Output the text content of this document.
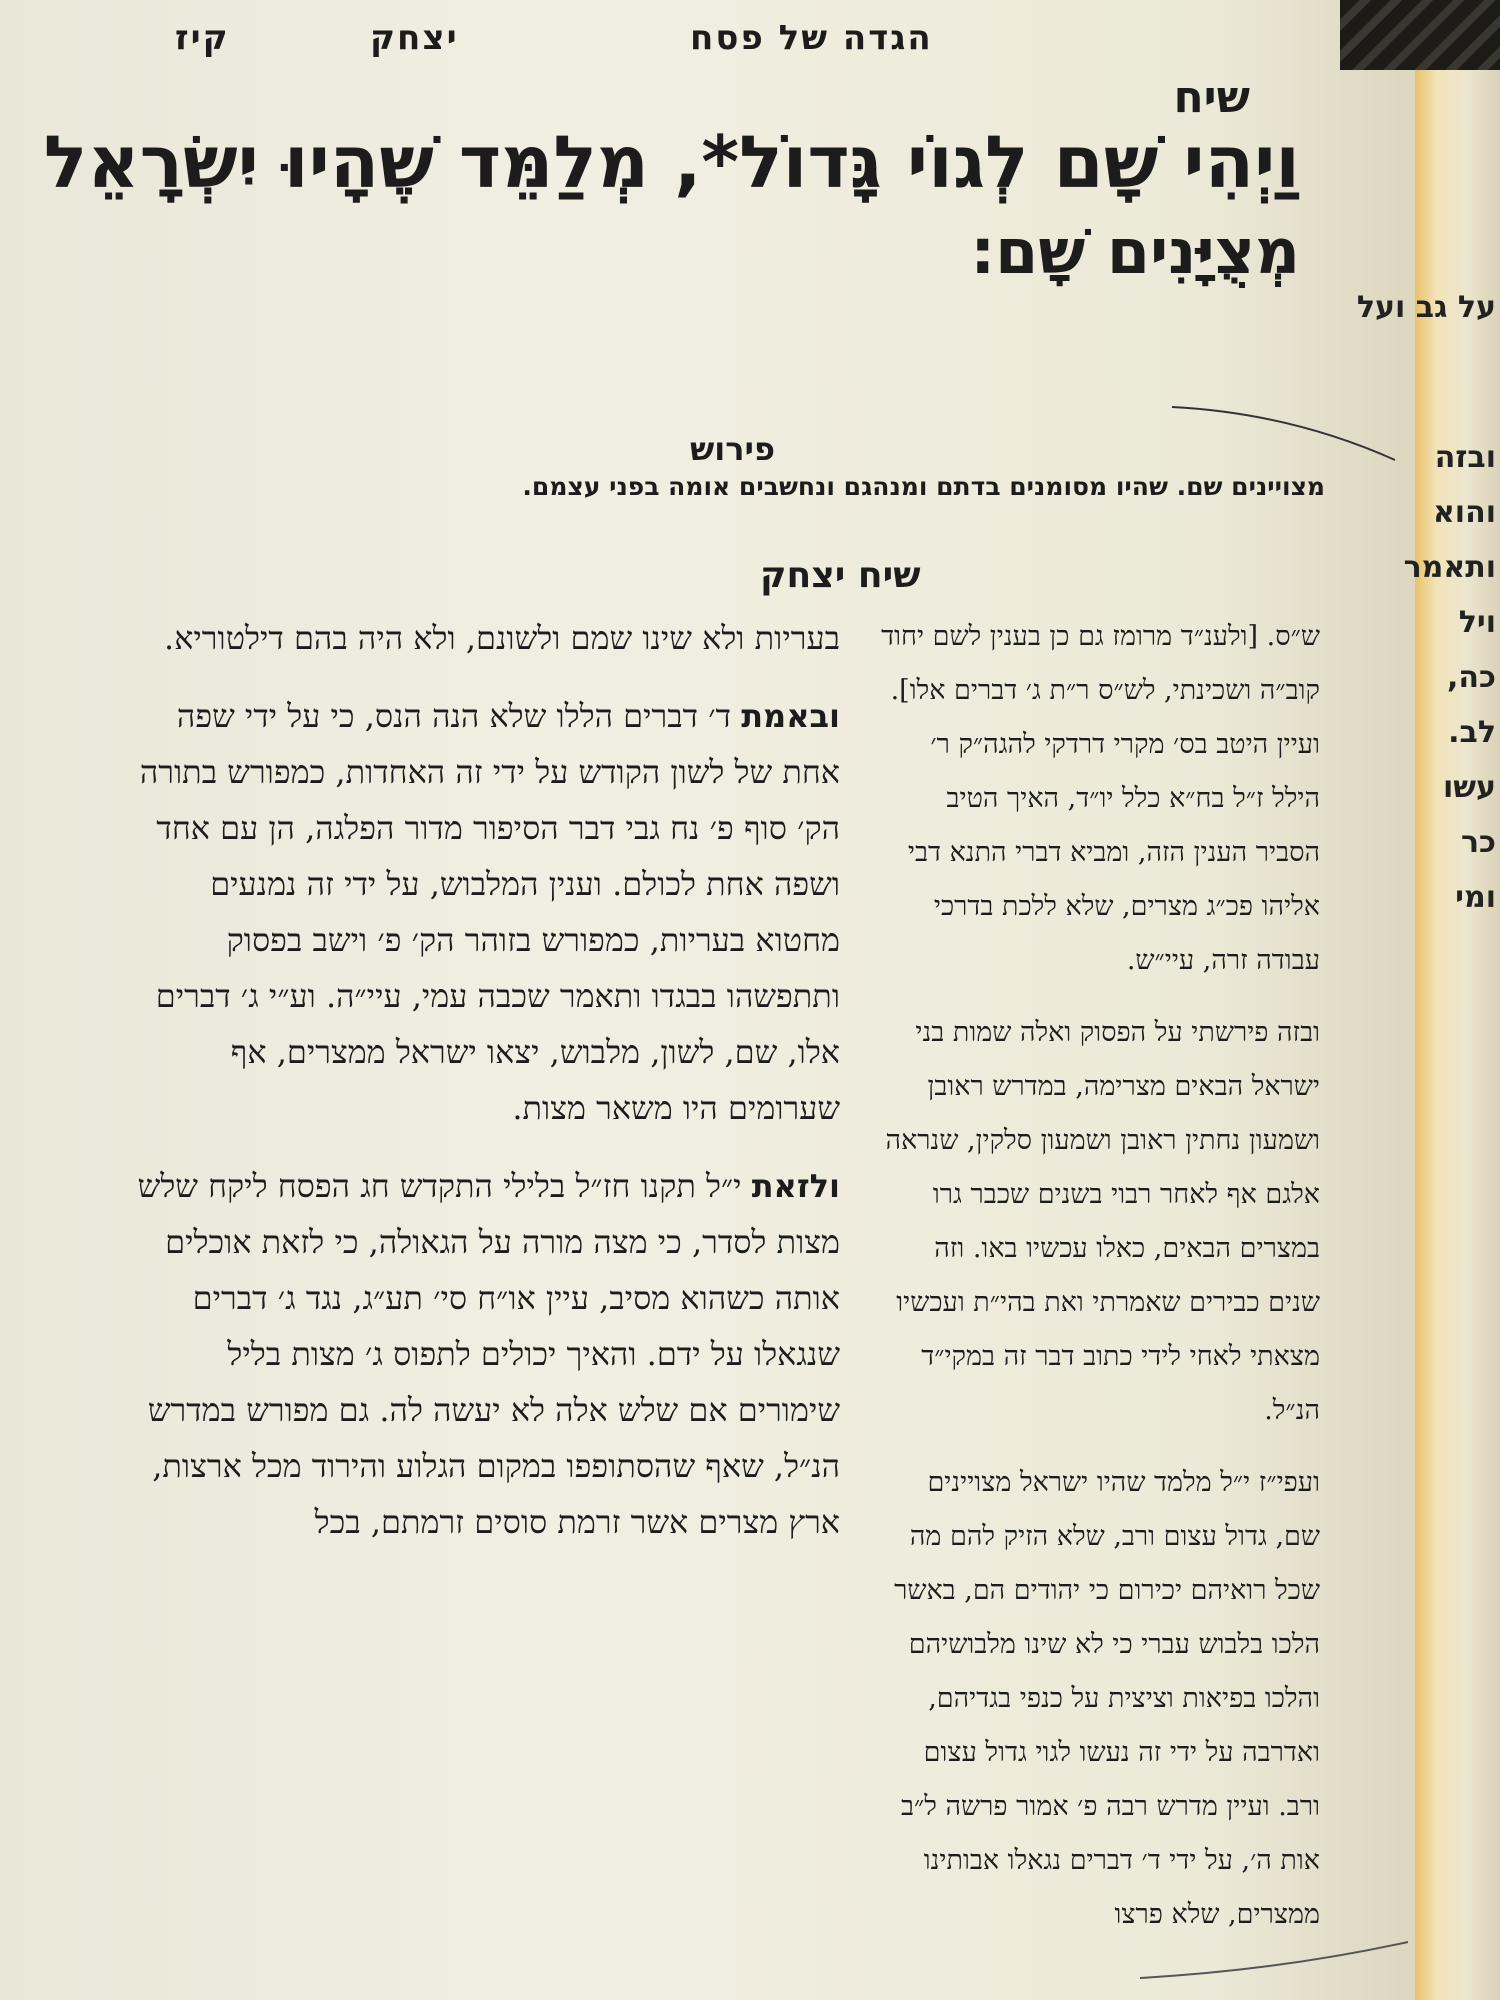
הגדה של פסח
יצחק
קיז
שיח
וַיְהִי שָׁם לְגוֹי גָּדוֹל*, מְלַמֵּד שֶׁהָיוּ יִשְׂרָאֵל
מְצֻיָּנִים שָׁם:
פירוש
מצויינים שם. שהיו מסומנים בדתם ומנהגם ונחשבים אומה בפני עצמם.
שיח יצחק

ש״ס. [ולענ״ד מרומז גם כן בענין לשם יחוד קוב״ה ושכינתי, לש״ס ר״ת ג׳ דברים אלו]. ועיין היטב בס׳ מקרי דרדקי להגה״ק ר׳ הילל ז״ל בח״א כלל יו״ד, האיך הטיב הסביר הענין הזה, ומביא דברי התנא דבי אליהו פכ״ג מצרים, שלא ללכת בדרכי עבודה זרה, עיי״ש.

ובזה פירשתי על הפסוק ואלה שמות בני ישראל הבאים מצרימה, במדרש ראובן ושמעון נחתין ראובן ושמעון סלקין, שנראה אלגם אף לאחר רבוי בשנים שכבר גרו במצרים הבאים, כאלו עכשיו באו. וזה שנים כבירים שאמרתי ואת בהי״ת ועכשיו מצאתי לאחי לידי כתוב דבר זה במקי״ד הנ״ל.

ועפי״ז י״ל מלמד שהיו ישראל מצויינים שם, גדול עצום ורב, שלא הזיק להם מה שכל רואיהם יכירום כי יהודים הם, באשר הלכו בלבוש עברי כי לא שינו מלבושיהם והלכו בפיאות וציצית על כנפי בגדיהם, ואדרבה על ידי זה נעשו לגוי גדול עצום ורב. ועיין מדרש רבה פ׳ אמור פרשה ל״ב אות ה׳, על ידי ד׳ דברים נגאלו אבותינו ממצרים, שלא פרצו

בעריות ולא שינו שמם ולשונם, ולא היה בהם דילטוריא.

ובאמת ד׳ דברים הללו שלא הנה הנס, כי על ידי שפה אחת של לשון הקודש על ידי זה האחדות, כמפורש בתורה הק׳ סוף פ׳ נח גבי דבר הסיפור מדור הפלגה, הן עם אחד ושפה אחת לכולם. וענין המלבוש, על ידי זה נמנעים מחטוא בעריות, כמפורש בזוהר הק׳ פ׳ וישב בפסוק ותתפשהו בבגדו ותאמר שכבה עמי, עיי״ה. וע״י ג׳ דברים אלו, שם, לשון, מלבוש, יצאו ישראל ממצרים, אף שערומים היו משאר מצות.

ולזאת י״ל תקנו חז״ל בלילי התקדש חג הפסח ליקח שלש מצות לסדר, כי מצה מורה על הגאולה, כי לזאת אוכלים אותה כשהוא מסיב, עיין או״ח סי׳ תע״ג, נגד ג׳ דברים שנגאלו על ידם. והאיך יכולים לתפוס ג׳ מצות בליל שימורים אם שלש אלה לא יעשה לה. גם מפורש במדרש הנ״ל, שאף שהסתופפו במקום הגלוע והירוד מכל ארצות, ארץ מצרים אשר זרמת סוסים זרמתם, בכל

על גב ועל
ובזה
והוא
ותאמר
ויל
כה,
לב.
עשו
כר
ומי
